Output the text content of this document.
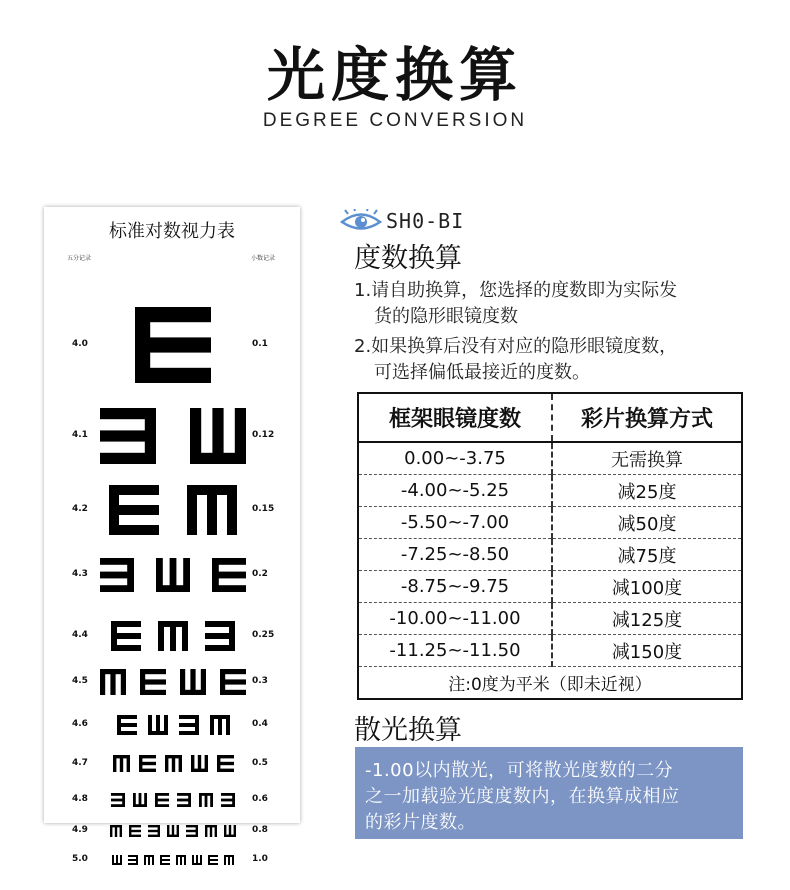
光度换算
DEGREE CONVERSION
标准对数视力表
五分记录	小数记录
4.0	0.1
4.1	0.12
4.2	0.15
4.3	0.2
4.4	0.25
4.5	0.3
4.6	0.4
4.7	0.5
4.8	0.6
4.9	0.8
5.0	1.0
SH0-BI
度数换算
1.请自助换算，您选择的度数即为实际发
货的隐形眼镜度数
2.如果换算后没有对应的隐形眼镜度数，
可选择偏低最接近的度数。
框架眼镜度数	彩片换算方式
0.00~-3.75	无需换算
-4.00~-5.25	减25度
-5.50~-7.00	减50度
-7.25~-8.50	减75度
-8.75~-9.75	减100度
-10.00~-11.00	减125度
-11.25~-11.50	减150度
注:0度为平米（即未近视）	
散光换算
-1.00以内散光，可将散光度数的二分
之一加载验光度度数内，在换算成相应
的彩片度数。
